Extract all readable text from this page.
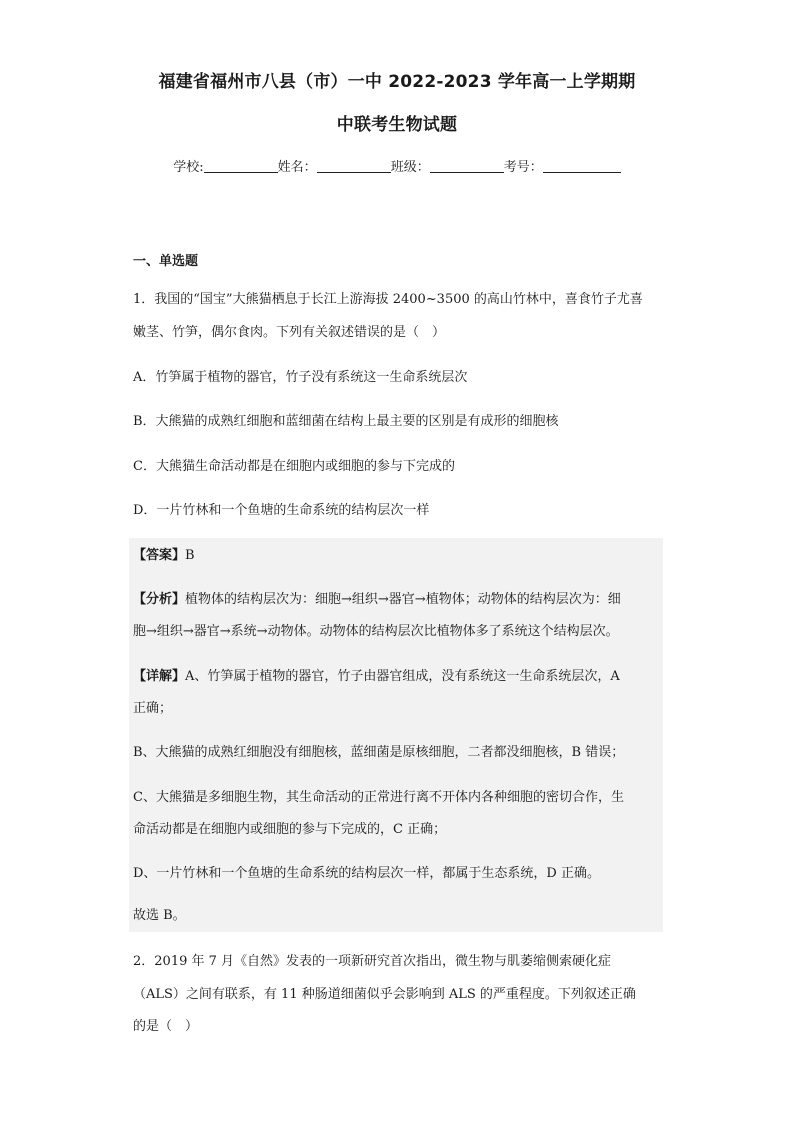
福建省福州市八县（市）一中 2022-2023 学年高一上学期期
中联考生物试题
学校:	姓名：	班级：	考号：
一、单选题
1．我国的“国宝”大熊猫栖息于长江上游海拔 2400~3500 的高山竹林中，喜食竹子尤喜
嫩茎、竹笋，偶尔食肉。下列有关叙述错误的是（　）
A．竹笋属于植物的器官，竹子没有系统这一生命系统层次
B．大熊猫的成熟红细胞和蓝细菌在结构上最主要的区别是有成形的细胞核
C．大熊猫生命活动都是在细胞内或细胞的参与下完成的
D．一片竹林和一个鱼塘的生命系统的结构层次一样
【答案】B
【分析】植物体的结构层次为：细胞→组织→器官→植物体；动物体的结构层次为：细
胞→组织→器官→系统→动物体。动物体的结构层次比植物体多了系统这个结构层次。
【详解】A、竹笋属于植物的器官，竹子由器官组成，没有系统这一生命系统层次，A
正确；
B、大熊猫的成熟红细胞没有细胞核，蓝细菌是原核细胞，二者都没细胞核，B 错误；
C、大熊猫是多细胞生物，其生命活动的正常进行离不开体内各种细胞的密切合作，生
命活动都是在细胞内或细胞的参与下完成的，C 正确；
D、一片竹林和一个鱼塘的生命系统的结构层次一样，都属于生态系统，D 正确。
故选 B。
2．2019 年 7 月《自然》发表的一项新研究首次指出，微生物与肌萎缩侧索硬化症
（ALS）之间有联系，有 11 种肠道细菌似乎会影响到 ALS 的严重程度。下列叙述正确
的是（　）
